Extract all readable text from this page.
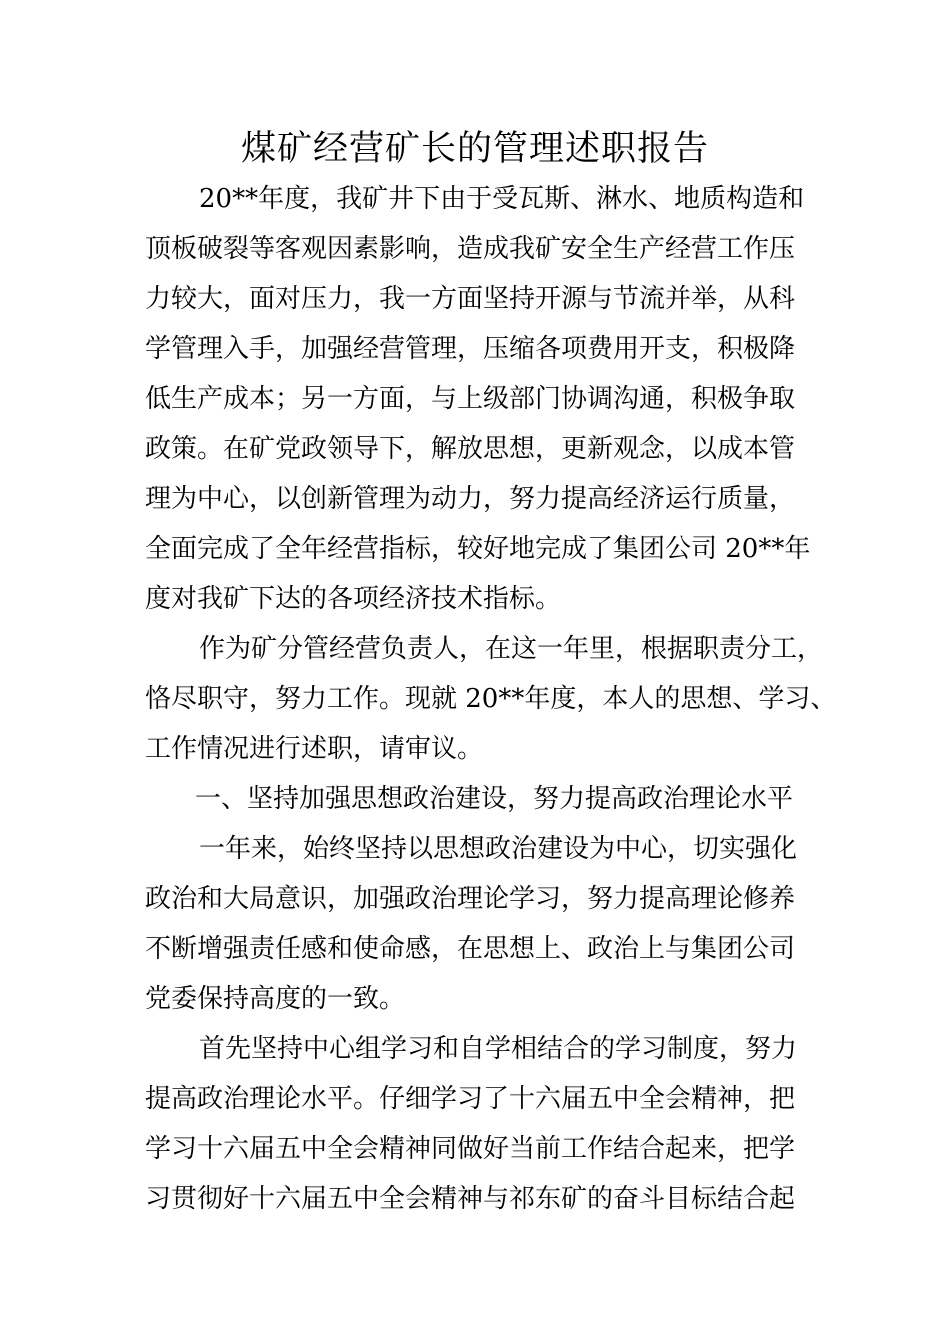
煤矿经营矿长的管理述职报告
20**年度，我矿井下由于受瓦斯、淋水、地质构造和
顶板破裂等客观因素影响，造成我矿安全生产经营工作压
力较大，面对压力，我一方面坚持开源与节流并举，从科
学管理入手，加强经营管理，压缩各项费用开支，积极降
低生产成本；另一方面，与上级部门协调沟通，积极争取
政策。在矿党政领导下，解放思想，更新观念，以成本管
理为中心，以创新管理为动力，努力提高经济运行质量，
全面完成了全年经营指标，较好地完成了集团公司 20**年
度对我矿下达的各项经济技术指标。
作为矿分管经营负责人，在这一年里，根据职责分工，
恪尽职守，努力工作。现就 20**年度，本人的思想、学习、
工作情况进行述职，请审议。
一、坚持加强思想政治建设，努力提高政治理论水平
一年来，始终坚持以思想政治建设为中心，切实强化
政治和大局意识，加强政治理论学习，努力提高理论修养
不断增强责任感和使命感，在思想上、政治上与集团公司
党委保持高度的一致。
首先坚持中心组学习和自学相结合的学习制度，努力
提高政治理论水平。仔细学习了十六届五中全会精神，把
学习十六届五中全会精神同做好当前工作结合起来，把学
习贯彻好十六届五中全会精神与祁东矿的奋斗目标结合起
